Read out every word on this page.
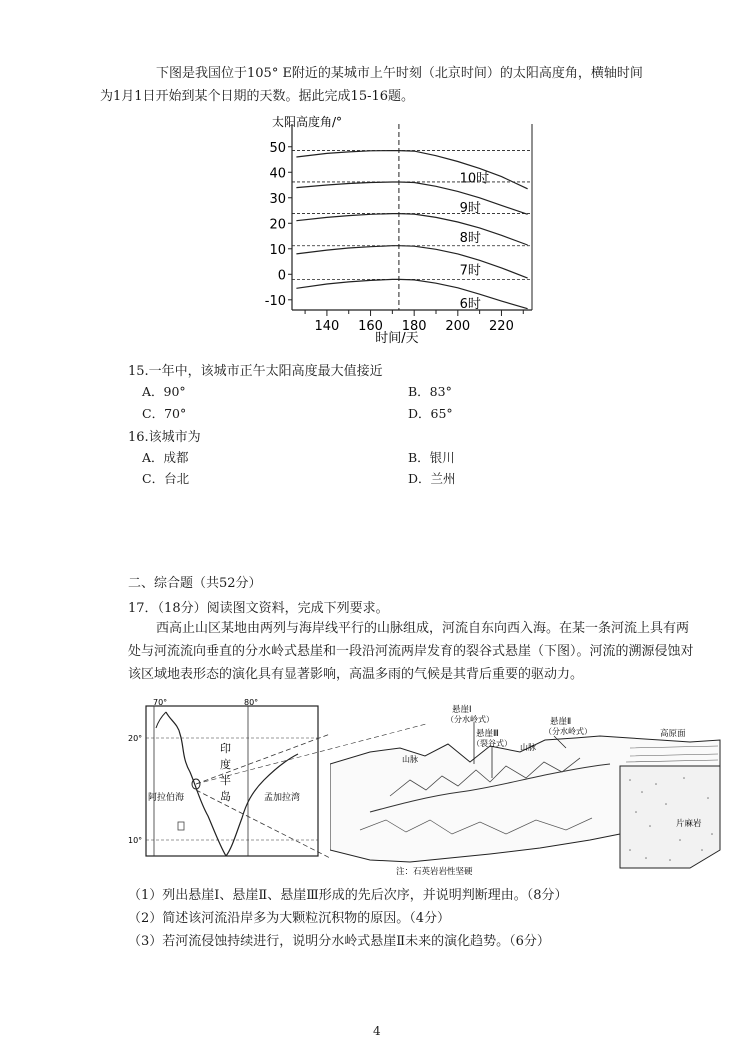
下图是我国位于105° E附近的某城市上午时刻（北京时间）的太阳高度角，横轴时间
为1月1日开始到某个日期的天数。据此完成15-16题。
太阳高度角/°
50
40
30
20
10
0
-10
140 160 180 200 220
10时
9时
8时
7时
6时
时间/天
15.一年中，该城市正午太阳高度最大值接近
A．90°	B．83°
C．70°	D．65°
16.该城市为
A．成都	B．银川
C．台北	D．兰州
二、综合题（共52分）
17．（18分）阅读图文资料，完成下列要求。
西高止山区某地由两列与海岸线平行的山脉组成，河流自东向西入海。在某一条河流上具有两处与河流流向垂直的分水岭式悬崖和一段沿河流两岸发育的裂谷式悬崖（下图）。河流的溯源侵蚀对该区域地表形态的演化具有显著影响，高温多雨的气候是其背后重要的驱动力。
70°	80°
20°
10°
印
度
半
岛
阿拉伯海	孟加拉湾
悬崖Ⅰ
（分水岭式）
悬崖Ⅲ
（裂谷式）
悬崖Ⅱ
（分水岭式）
山脉
山脉
高原面
片麻岩
注：石英岩岩性坚硬
（1）列出悬崖Ⅰ、悬崖Ⅱ、悬崖Ⅲ形成的先后次序，并说明判断理由。（8分）
（2）简述该河流沿岸多为大颗粒沉积物的原因。（4分）
（3）若河流侵蚀持续进行，说明分水岭式悬崖Ⅱ未来的演化趋势。（6分）
4
